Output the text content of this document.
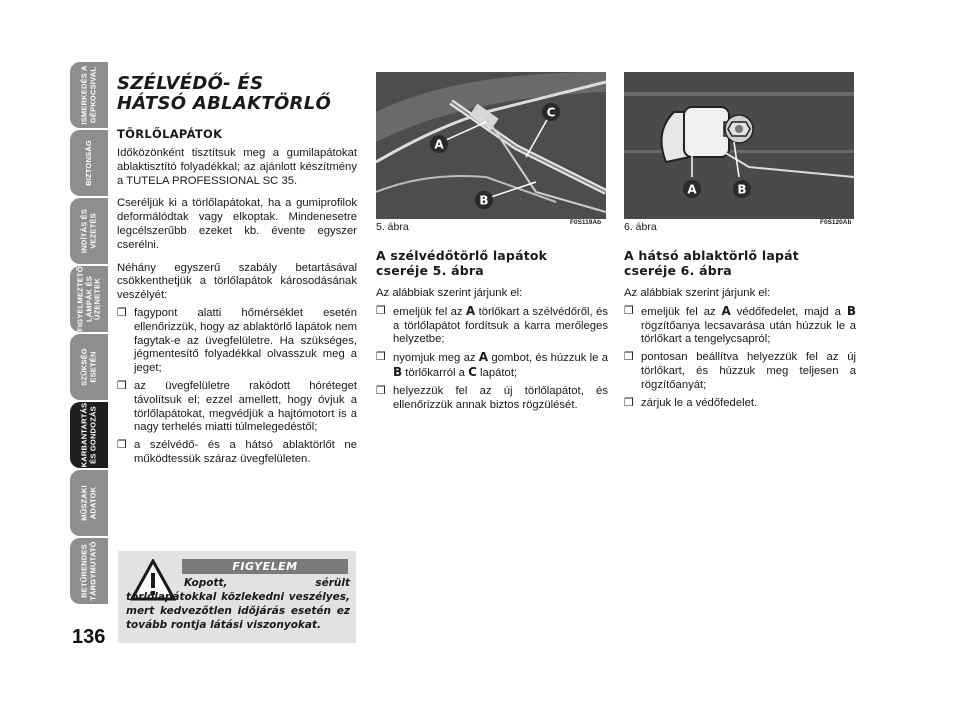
ISMERKEDÉS A
GÉPKOCSIVAL
BIZTONSÁG
INDÍTÁS ÉS
VEZETÉS
FIGYELMEZTETŐ
LÁMPÁK ÉS
ÜZENETEK
SZÜKSÉG
ESETÉN
KARBANTARTÁS
ÉS GONDOZÁS
MŰSZAKI
ADATOK
BETŰRENDES
TÁRGYMUTATÓ
136
SZÉLVÉDŐ- ÉS
HÁTSÓ ABLAKTÖRLŐ
TÖRLŐLAPÁTOK

Időközönként tisztítsuk meg a gumilapátokat ablaktisztító folyadékkal; az ajánlott készítmény a TUTELA PROFESSIONAL SC 35.

Cseréljük ki a törlőlapátokat, ha a gumiprofilok deformálódtak vagy elkoptak. Mindenesetre legcélszerűbb ezeket kb. évente egyszer cserélni.

Néhány egyszerű szabály betartásával csökkenthetjük a törlőlapátok károsodásának veszélyét:

❒ fagypont alatti hőmérséklet esetén ellenőrizzük, hogy az ablaktörlő lapátok nem fagytak-e az üvegfelületre. Ha szükséges, jégmentesítő folyadékkal olvasszuk meg a jeget;
❒ az üvegfelületre rakódott hóréteget távolítsuk el; ezzel amellett, hogy óvjuk a törlőlapátokat, megvédjük a hajtómotort is a nagy terhelés miatti túlmelegedéstől;
❒ a szélvédő- és a hátsó ablaktörlőt ne működtessük száraz üvegfelületen.
FIGYELEM
Kopott, sérült törlőlapátokkal közlekedni veszélyes, mert kedvezőtlen időjárás esetén ez tovább rontja látási viszonyokat.
A
C
B
5. ábra	F0S119Ab
A	B
6. ábra	F0S120Ab
A szélvédőtörlő lapátok
cseréje 5. ábra

Az alábbiak szerint járjunk el:

❒ emeljük fel az A törlőkart a szélvédőről, és a törlőlapátot fordítsuk a karra merőleges helyzetbe;
❒ nyomjuk meg az A gombot, és húzzuk le a B törlőkarról a C lapátot;
❒ helyezzük fel az új törlőlapátot, és ellenőrizzük annak biztos rögzülését.
A hátsó ablaktörlő lapát
cseréje 6. ábra

Az alábbiak szerint járjunk el:

❒ emeljük fel az A védőfedelet, majd a B rögzítőanya lecsavarása után húzzuk le a törlőkart a tengelycsapról;
❒ pontosan beállítva helyezzük fel az új törlőkart, és húzzuk meg teljesen a rögzítőanyát;
❒ zárjuk le a védőfedelet.
